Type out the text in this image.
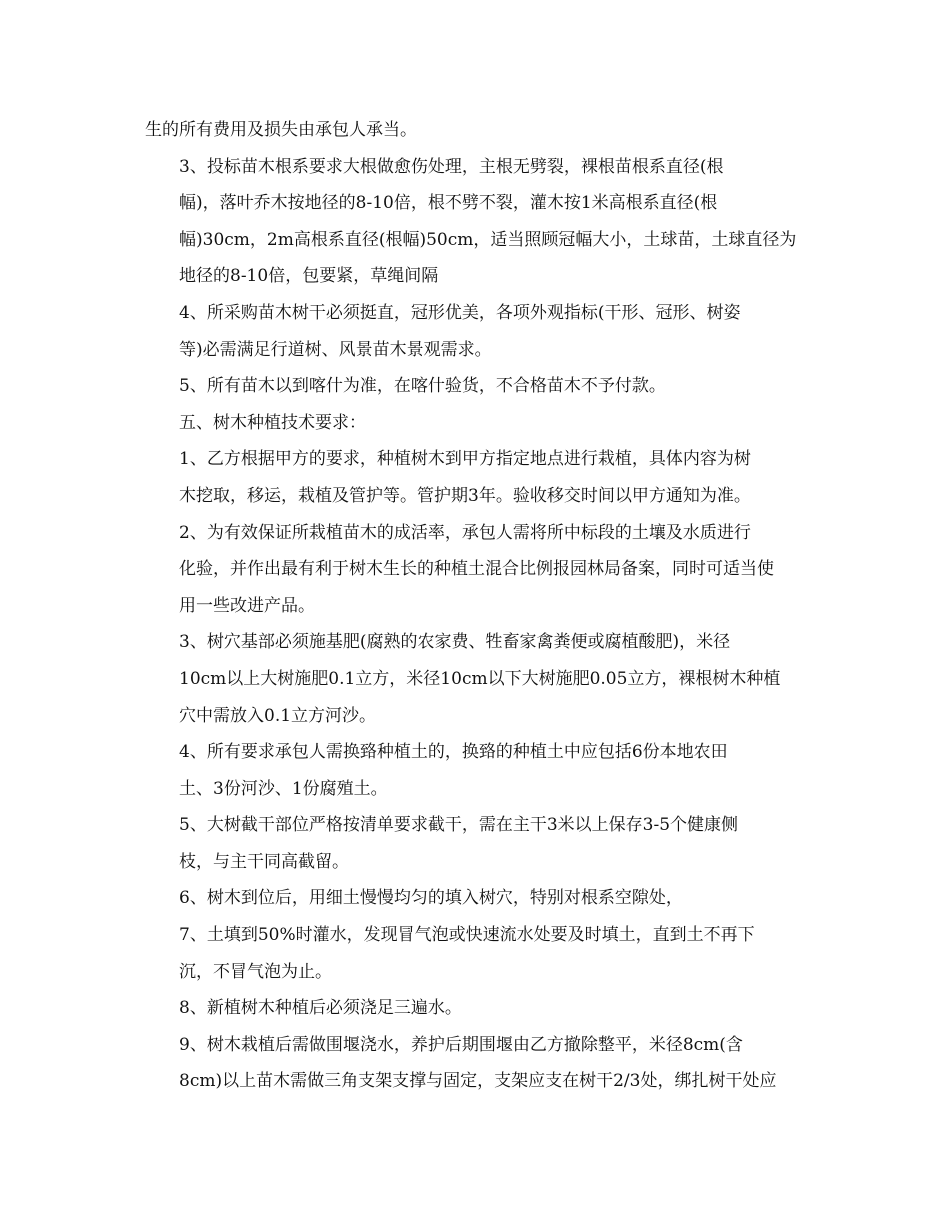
生的所有费用及损失由承包人承当。

3、投标苗木根系要求大根做愈伤处理，主根无劈裂，裸根苗根系直径(根
幅)，落叶乔木按地径的8-10倍，根不劈不裂，灌木按1米高根系直径(根
幅)30cm，2m高根系直径(根幅)50cm，适当照顾冠幅大小，土球苗，土球直径为
地径的8-10倍，包要紧，草绳间隔

4、所采购苗木树干必须挺直，冠形优美，各项外观指标(干形、冠形、树姿
等)必需满足行道树、风景苗木景观需求。

5、所有苗木以到喀什为准，在喀什验货，不合格苗木不予付款。

五、树木种植技术要求：

1、乙方根据甲方的要求，种植树木到甲方指定地点进行栽植，具体内容为树
木挖取，移运，栽植及管护等。管护期3年。验收移交时间以甲方通知为准。

2、为有效保证所栽植苗木的成活率，承包人需将所中标段的土壤及水质进行
化验，并作出最有利于树木生长的种植土混合比例报园林局备案，同时可适当使
用一些改进产品。

3、树穴基部必须施基肥(腐熟的农家费、牲畜家禽粪便或腐植酸肥)，米径
10cm以上大树施肥0.1立方，米径10cm以下大树施肥0.05立方，裸根树木种植
穴中需放入0.1立方河沙。

4、所有要求承包人需换臵种植土的，换臵的种植土中应包括6份本地农田
土、3份河沙、1份腐殖土。

5、大树截干部位严格按清单要求截干，需在主干3米以上保存3-5个健康侧
枝，与主干同高截留。

6、树木到位后，用细土慢慢均匀的填入树穴，特别对根系空隙处，

7、土填到50%时灌水，发现冒气泡或快速流水处要及时填土，直到土不再下
沉，不冒气泡为止。

8、新植树木种植后必须浇足三遍水。

9、树木栽植后需做围堰浇水，养护后期围堰由乙方撤除整平，米径8cm(含
8cm)以上苗木需做三角支架支撑与固定，支架应支在树干2/3处，绑扎树干处应
